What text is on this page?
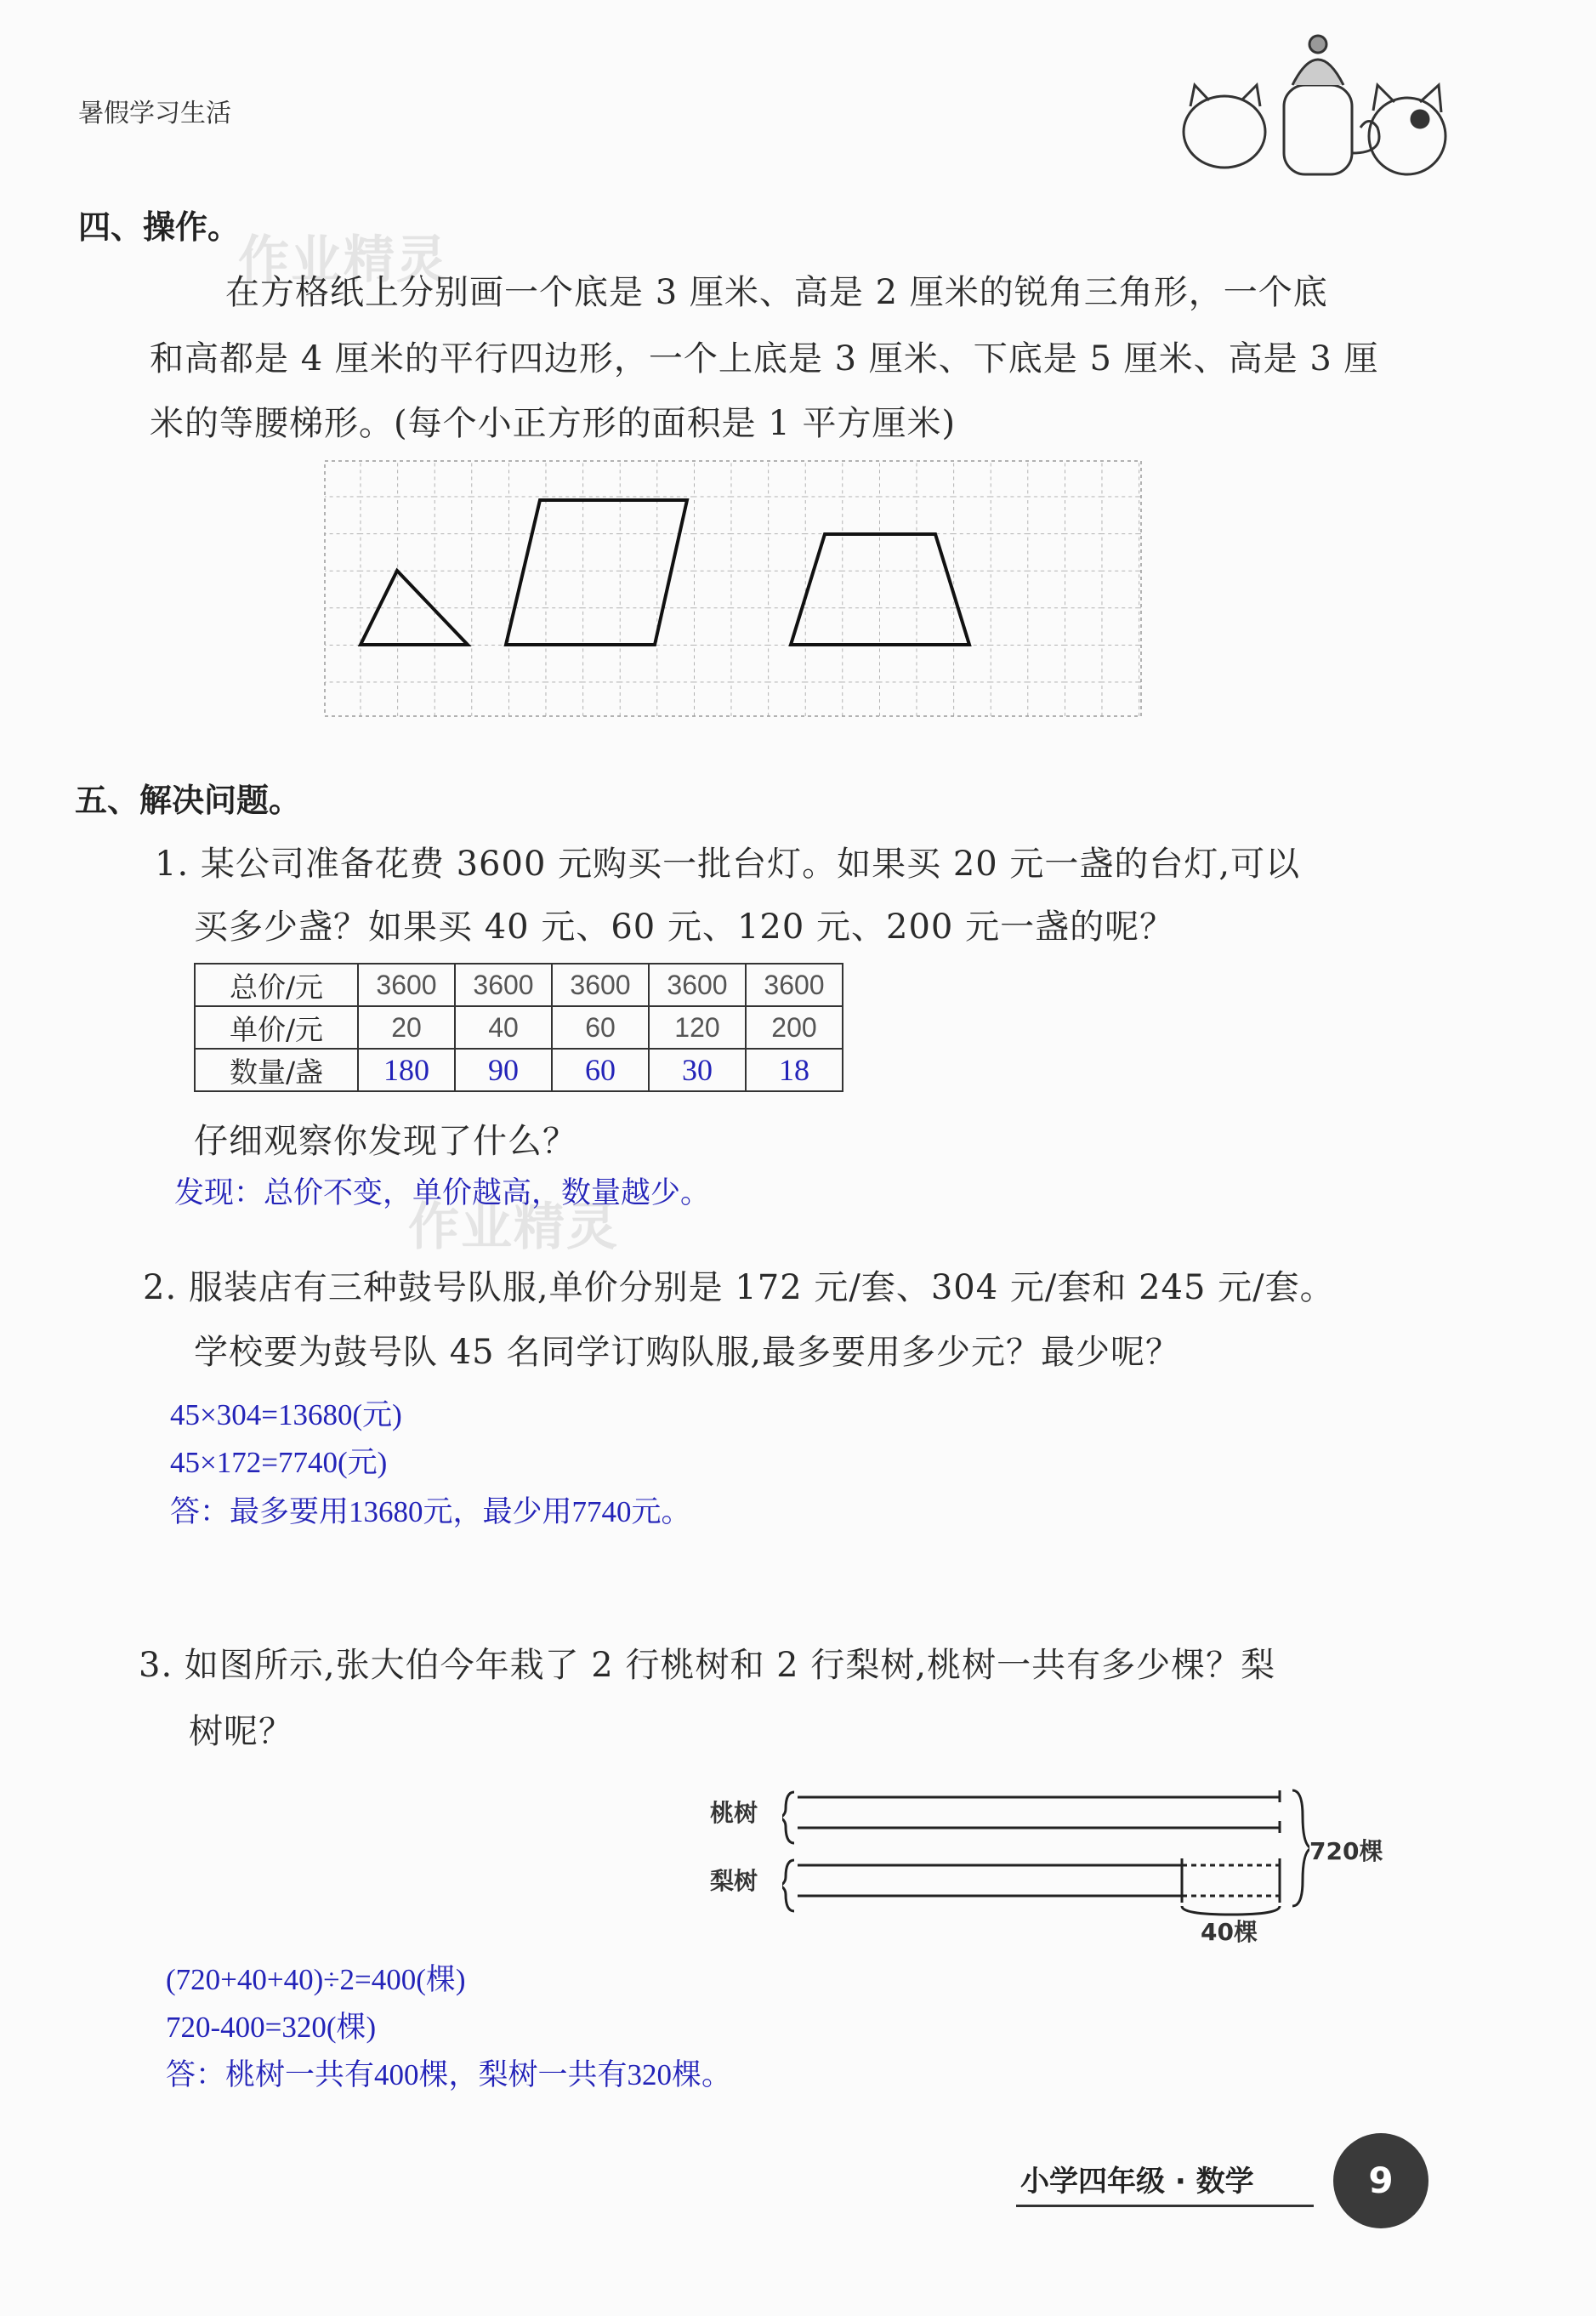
暑假学习生活
作业精灵
作业精灵
四、操作。
在方格纸上分别画一个底是 3 厘米、高是 2 厘米的锐角三角形，一个底
和高都是 4 厘米的平行四边形，一个上底是 3 厘米、下底是 5 厘米、高是 3 厘
米的等腰梯形。(每个小正方形的面积是 1 平方厘米)
五、解决问题。
1. 某公司准备花费 3600 元购买一批台灯。如果买 20 元一盏的台灯,可以
买多少盏？如果买 40 元、60 元、120 元、200 元一盏的呢？
总价/元	3600	3600	3600	3600	3600
单价/元	20	40	60	120	200
数量/盏	180	90	60	30	18
仔细观察你发现了什么？
发现：总价不变，单价越高，数量越少。
2. 服装店有三种鼓号队服,单价分别是 172 元/套、304 元/套和 245 元/套。
学校要为鼓号队 45 名同学订购队服,最多要用多少元？最少呢？
45×304=13680(元)
45×172=7740(元)
答：最多要用13680元，最少用7740元。
3. 如图所示,张大伯今年栽了 2 行桃树和 2 行梨树,桃树一共有多少棵？梨
树呢？
桃树
梨树
720棵
40棵
(720+40+40)÷2=400(棵)
720-400=320(棵)
答：桃树一共有400棵，梨树一共有320棵。
小学四年级 · 数学	9
